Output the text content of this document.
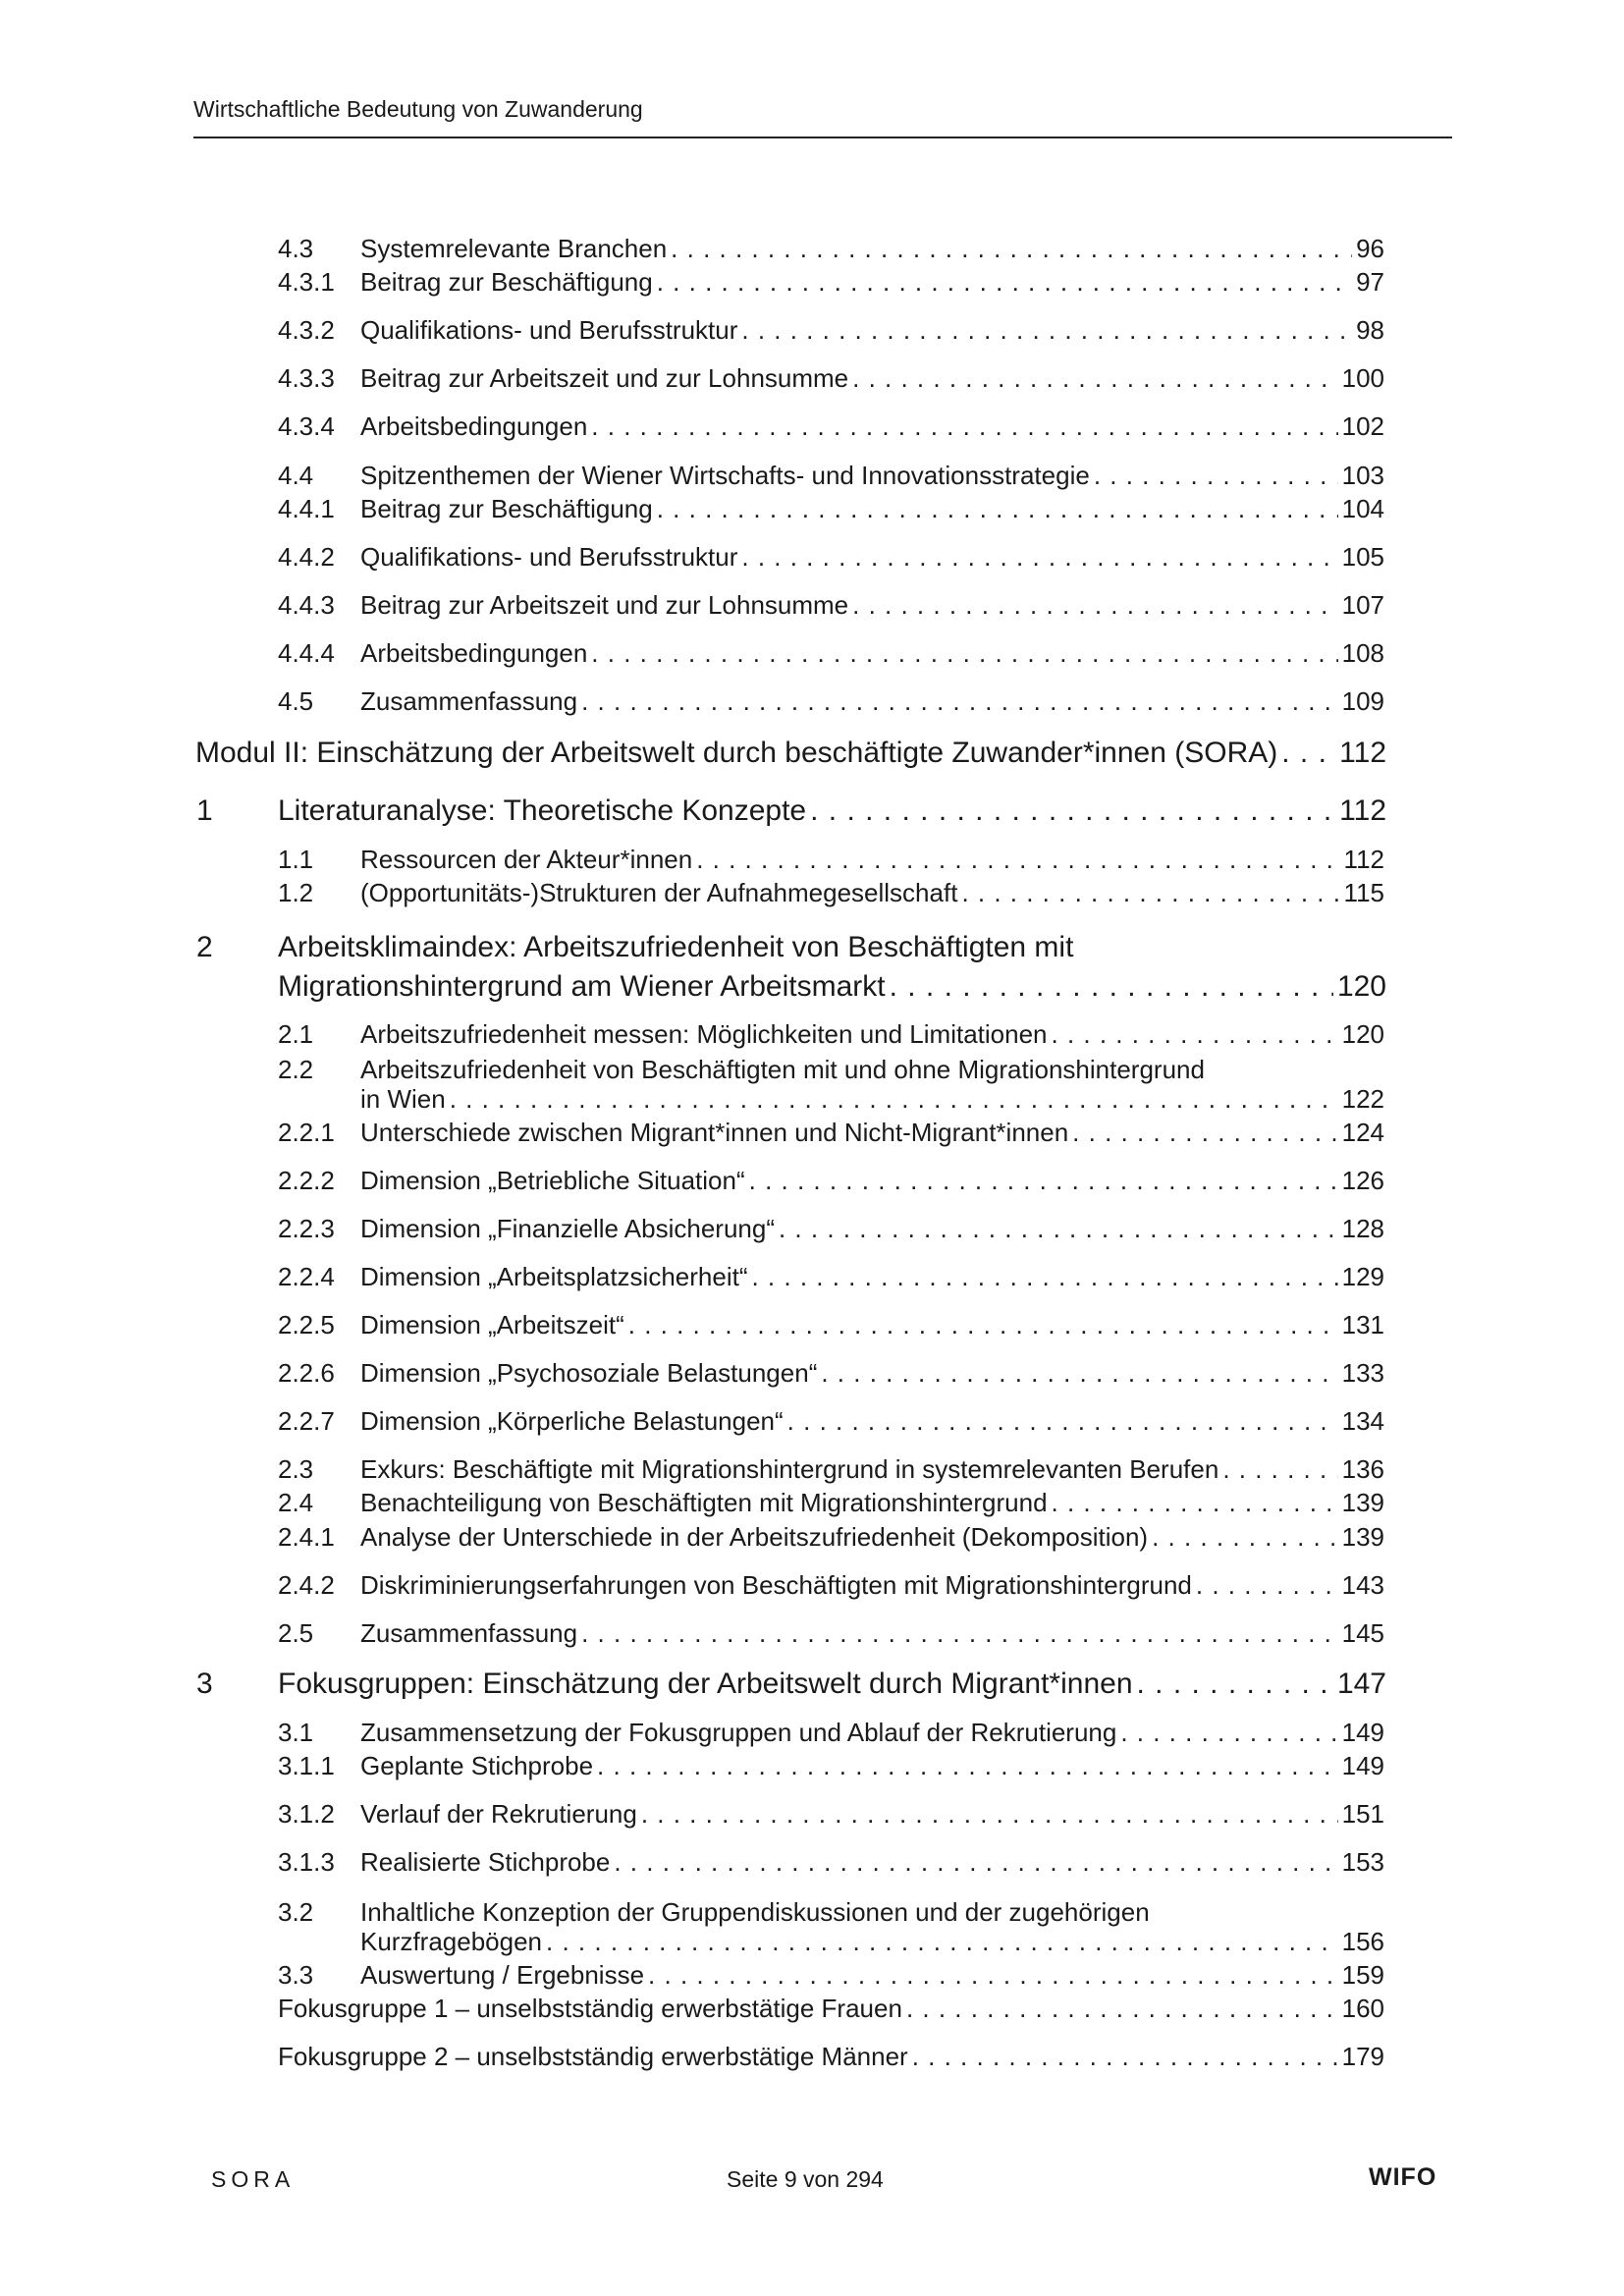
Wirtschaftliche Bedeutung von Zuwanderung
4.3 Systemrelevante Branchen . . .	96
4.3.1 Beitrag zur Beschäftigung . . .	97
4.3.2 Qualifikations- und Berufsstruktur . . .	98
4.3.3 Beitrag zur Arbeitszeit und zur Lohnsumme . . .	100
4.3.4 Arbeitsbedingungen . . .	102
4.4 Spitzenthemen der Wiener Wirtschafts- und Innovationsstrategie . . .	103
4.4.1 Beitrag zur Beschäftigung . . .	104
4.4.2 Qualifikations- und Berufsstruktur . . .	105
4.4.3 Beitrag zur Arbeitszeit und zur Lohnsumme . . .	107
4.4.4 Arbeitsbedingungen . . .	108
4.5 Zusammenfassung . . .	109
Modul II: Einschätzung der Arbeitswelt durch beschäftigte Zuwander*innen (SORA) . . . 112
1 Literaturanalyse: Theoretische Konzepte . . .	112
1.1 Ressourcen der Akteur*innen . . .	112
1.2 (Opportunitäts-)Strukturen der Aufnahmegesellschaft . . .	115
2 Arbeitsklimaindex: Arbeitszufriedenheit von Beschäftigten mit
Migrationshintergrund am Wiener Arbeitsmarkt . . .	120
2.1 Arbeitszufriedenheit messen: Möglichkeiten und Limitationen . . .	120
2.2 Arbeitszufriedenheit von Beschäftigten mit und ohne Migrationshintergrund
in Wien . . .	122
2.2.1 Unterschiede zwischen Migrant*innen und Nicht-Migrant*innen . . .	124
2.2.2 Dimension „Betriebliche Situation“ . . .	126
2.2.3 Dimension „Finanzielle Absicherung“ . . .	128
2.2.4 Dimension „Arbeitsplatzsicherheit“ . . .	129
2.2.5 Dimension „Arbeitszeit“ . . .	131
2.2.6 Dimension „Psychosoziale Belastungen“ . . .	133
2.2.7 Dimension „Körperliche Belastungen“ . . .	134
2.3 Exkurs: Beschäftigte mit Migrationshintergrund in systemrelevanten Berufen . . .	136
2.4 Benachteiligung von Beschäftigten mit Migrationshintergrund . . .	139
2.4.1 Analyse der Unterschiede in der Arbeitszufriedenheit (Dekomposition) . . .	139
2.4.2 Diskriminierungserfahrungen von Beschäftigten mit Migrationshintergrund . . .	143
2.5 Zusammenfassung . . .	145
3 Fokusgruppen: Einschätzung der Arbeitswelt durch Migrant*innen . . .	147
3.1 Zusammensetzung der Fokusgruppen und Ablauf der Rekrutierung . . .	149
3.1.1 Geplante Stichprobe . . .	149
3.1.2 Verlauf der Rekrutierung . . .	151
3.1.3 Realisierte Stichprobe . . .	153
3.2 Inhaltliche Konzeption der Gruppendiskussionen und der zugehörigen
Kurzfragebögen . . .	156
3.3 Auswertung / Ergebnisse . . .	159
Fokusgruppe 1 – unselbstständig erwerbstätige Frauen . . .	160
Fokusgruppe 2 – unselbstständig erwerbstätige Männer . . .	179
SORA	Seite 9 von 294	WIFO
